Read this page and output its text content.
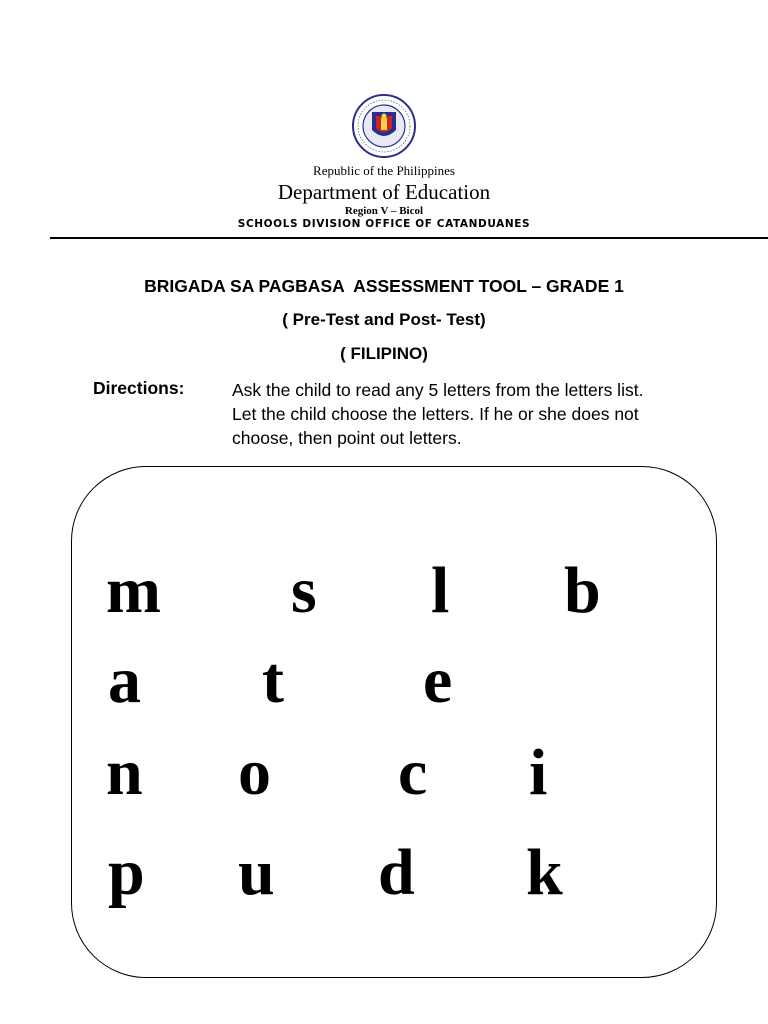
Republic of the Philippines
Department of Education
Region V – Bicol
SCHOOLS DIVISION OFFICE OF CATANDUANES
BRIGADA SA PAGBASA  ASSESSMENT TOOL – GRADE 1
( Pre-Test and Post- Test)
( FILIPINO)
Directions:	Ask the child to read any 5 letters from the letters list.
Let the child choose the letters. If he or she does not
choose, then point out letters.
m s l b
a t e
n o c i
p u d k
